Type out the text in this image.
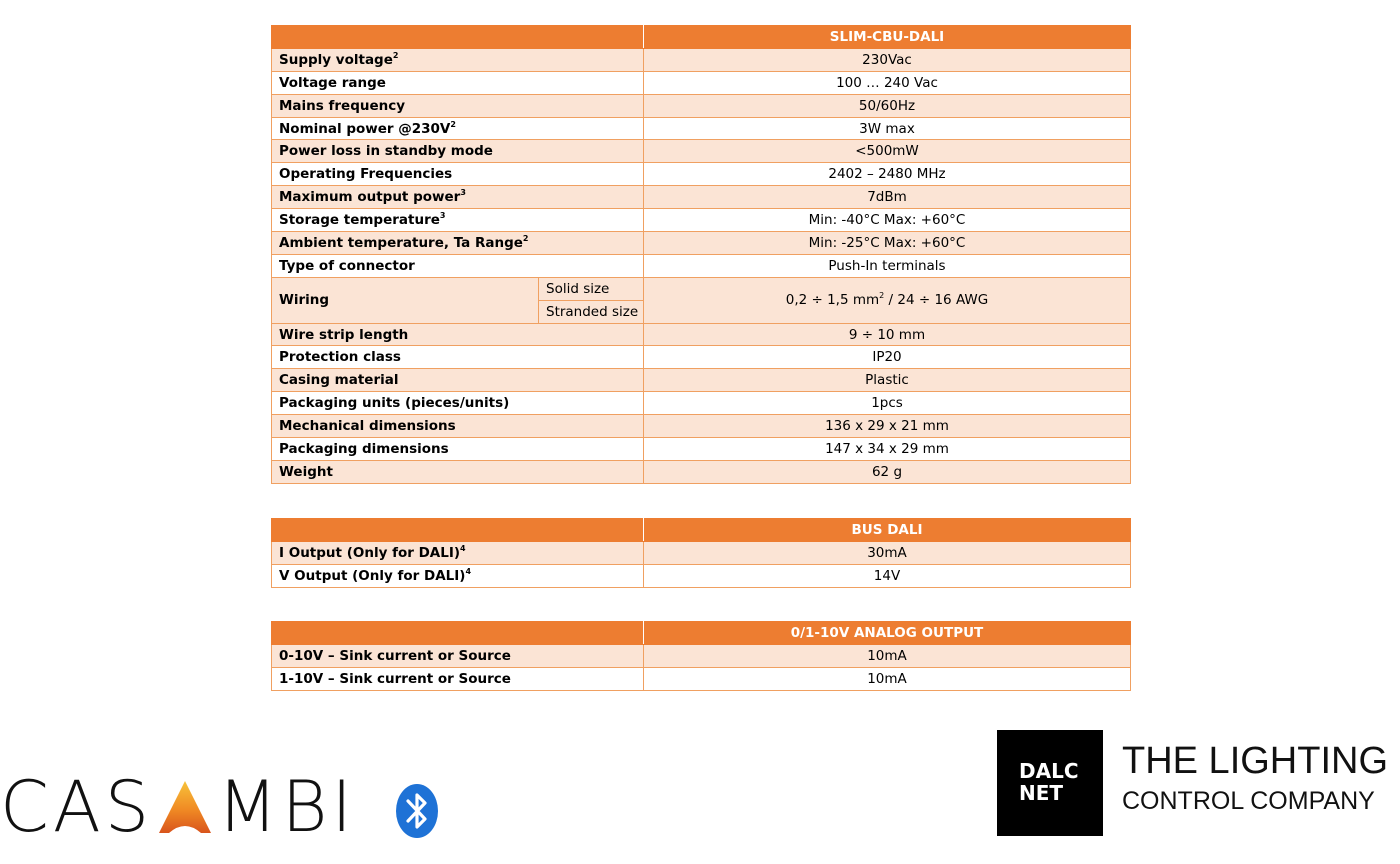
		SLIM-CBU-DALI
Supply voltage$^2$		230Vac
Voltage range		100 … 240 Vac
Mains frequency		50/60Hz
Nominal power $@230V^2$		3W max
Power loss in standby mode		<500mW
Operating Frequencies		2402 – 2480 MHz
Maximum output power$^3$		7dBm
Storage temperature$^3$		Min: -40°C Max: +60°C
Ambient temperature, Ta Range$^2$		Min: -25°C Max: +60°C
Type of connector		Push-In terminals
Wiring	Solid size	0,2 ÷ 1,5 $mm^2 / 24 \div 16$ AWG
	Stranded size	
Wire strip length		9 ÷ 10 mm
Protection class		IP20
Casing material		Plastic
Packaging units (pieces/units)		1pcs
Mechanical dimensions		136 x 29 x 21 mm
Packaging dimensions		147 x 34 x 29 mm
Weight		62 g
	BUS DALI
I Output (Only for DALI)$^4$	30mA
V Output (Only for DALI)$^4$	14V
	0/1-10V ANALOG OUTPUT
0-10V – Sink current or Source	10mA
1-10V – Sink current or Source	10mA
CAS MBI	DALC
NET
THE LIGHTING
CONTROL COMPANY
